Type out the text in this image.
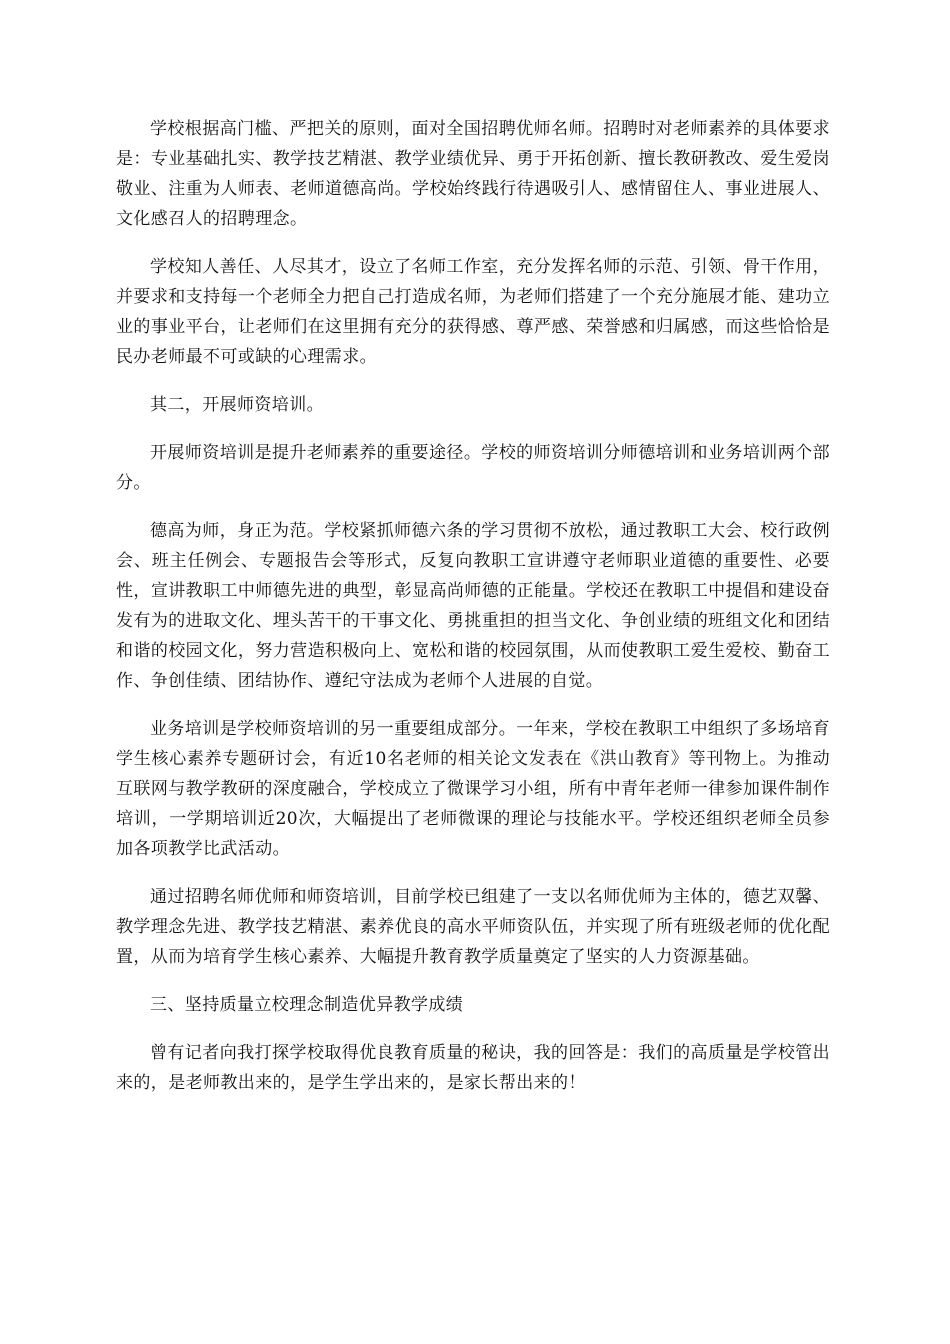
学校根据高门槛、严把关的原则，面对全国招聘优师名师。招聘时对老师素养的具体要求是：专业基础扎实、教学技艺精湛、教学业绩优异、勇于开拓创新、擅长教研教改、爱生爱岗敬业、注重为人师表、老师道德高尚。学校始终践行待遇吸引人、感情留住人、事业进展人、文化感召人的招聘理念。

学校知人善任、人尽其才，设立了名师工作室，充分发挥名师的示范、引领、骨干作用，并要求和支持每一个老师全力把自己打造成名师，为老师们搭建了一个充分施展才能、建功立业的事业平台，让老师们在这里拥有充分的获得感、尊严感、荣誉感和归属感，而这些恰恰是民办老师最不可或缺的心理需求。

其二，开展师资培训。

开展师资培训是提升老师素养的重要途径。学校的师资培训分师德培训和业务培训两个部分。

德高为师，身正为范。学校紧抓师德六条的学习贯彻不放松，通过教职工大会、校行政例会、班主任例会、专题报告会等形式，反复向教职工宣讲遵守老师职业道德的重要性、必要性，宣讲教职工中师德先进的典型，彰显高尚师德的正能量。学校还在教职工中提倡和建设奋发有为的进取文化、埋头苦干的干事文化、勇挑重担的担当文化、争创业绩的班组文化和团结和谐的校园文化，努力营造积极向上、宽松和谐的校园氛围，从而使教职工爱生爱校、勤奋工作、争创佳绩、团结协作、遵纪守法成为老师个人进展的自觉。

业务培训是学校师资培训的另一重要组成部分。一年来，学校在教职工中组织了多场培育学生核心素养专题研讨会，有近10名老师的相关论文发表在《洪山教育》等刊物上。为推动互联网与教学教研的深度融合，学校成立了微课学习小组，所有中青年老师一律参加课件制作培训，一学期培训近20次，大幅提出了老师微课的理论与技能水平。学校还组织老师全员参加各项教学比武活动。

通过招聘名师优师和师资培训，目前学校已组建了一支以名师优师为主体的，德艺双馨、教学理念先进、教学技艺精湛、素养优良的高水平师资队伍，并实现了所有班级老师的优化配置，从而为培育学生核心素养、大幅提升教育教学质量奠定了坚实的人力资源基础。

三、坚持质量立校理念制造优异教学成绩

曾有记者向我打探学校取得优良教育质量的秘诀，我的回答是：我们的高质量是学校管出来的，是老师教出来的，是学生学出来的，是家长帮出来的！
